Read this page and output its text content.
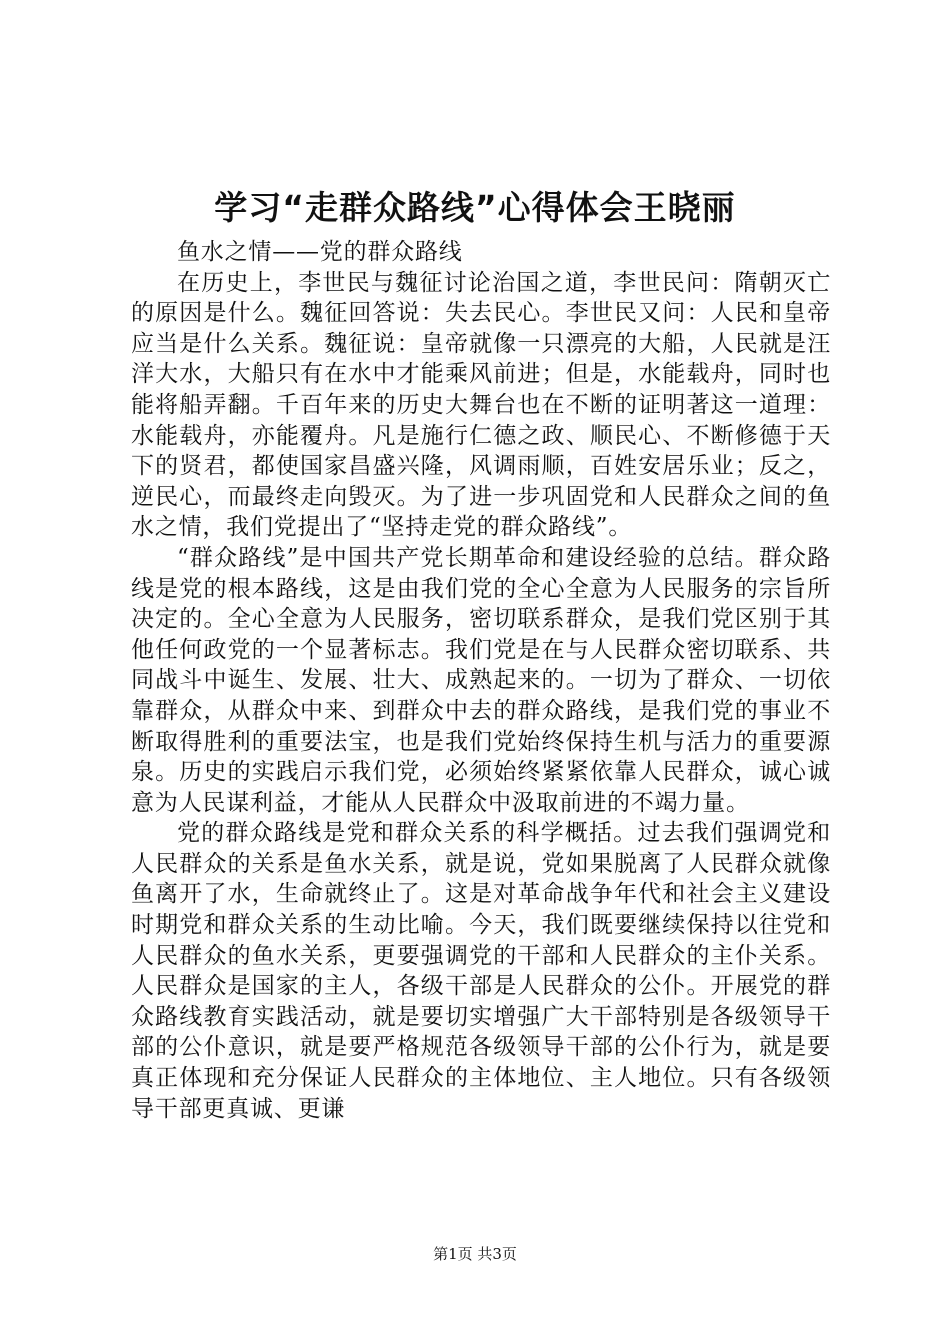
学习“走群众路线”心得体会王晓丽

鱼水之情——党的群众路线

在历史上，李世民与魏征讨论治国之道，李世民问：隋朝灭亡的原因是什么。魏征回答说：失去民心。李世民又问：人民和皇帝应当是什么关系。魏征说：皇帝就像一只漂亮的大船，人民就是汪洋大水，大船只有在水中才能乘风前进；但是，水能载舟，同时也能将船弄翻。千百年来的历史大舞台也在不断的证明著这一道理：水能载舟，亦能覆舟。凡是施行仁德之政、顺民心、不断修德于天下的贤君，都使国家昌盛兴隆，风调雨顺，百姓安居乐业；反之，逆民心，而最终走向毁灭。为了进一步巩固党和人民群众之间的鱼水之情，我们党提出了“坚持走党的群众路线”。

“群众路线”是中国共产党长期革命和建设经验的总结。群众路线是党的根本路线，这是由我们党的全心全意为人民服务的宗旨所决定的。全心全意为人民服务，密切联系群众，是我们党区别于其他任何政党的一个显著标志。我们党是在与人民群众密切联系、共同战斗中诞生、发展、壮大、成熟起来的。一切为了群众、一切依靠群众，从群众中来、到群众中去的群众路线，是我们党的事业不断取得胜利的重要法宝，也是我们党始终保持生机与活力的重要源泉。历史的实践启示我们党，必须始终紧紧依靠人民群众，诚心诚意为人民谋利益，才能从人民群众中汲取前进的不竭力量。

党的群众路线是党和群众关系的科学概括。过去我们强调党和人民群众的关系是鱼水关系，就是说，党如果脱离了人民群众就像鱼离开了水，生命就终止了。这是对革命战争年代和社会主义建设时期党和群众关系的生动比喻。今天，我们既要继续保持以往党和人民群众的鱼水关系，更要强调党的干部和人民群众的主仆关系。人民群众是国家的主人，各级干部是人民群众的公仆。开展党的群众路线教育实践活动，就是要切实增强广大干部特别是各级领导干部的公仆意识，就是要严格规范各级领导干部的公仆行为，就是要真正体现和充分保证人民群众的主体地位、主人地位。只有各级领导干部更真诚、更谦

第1页 共3页
